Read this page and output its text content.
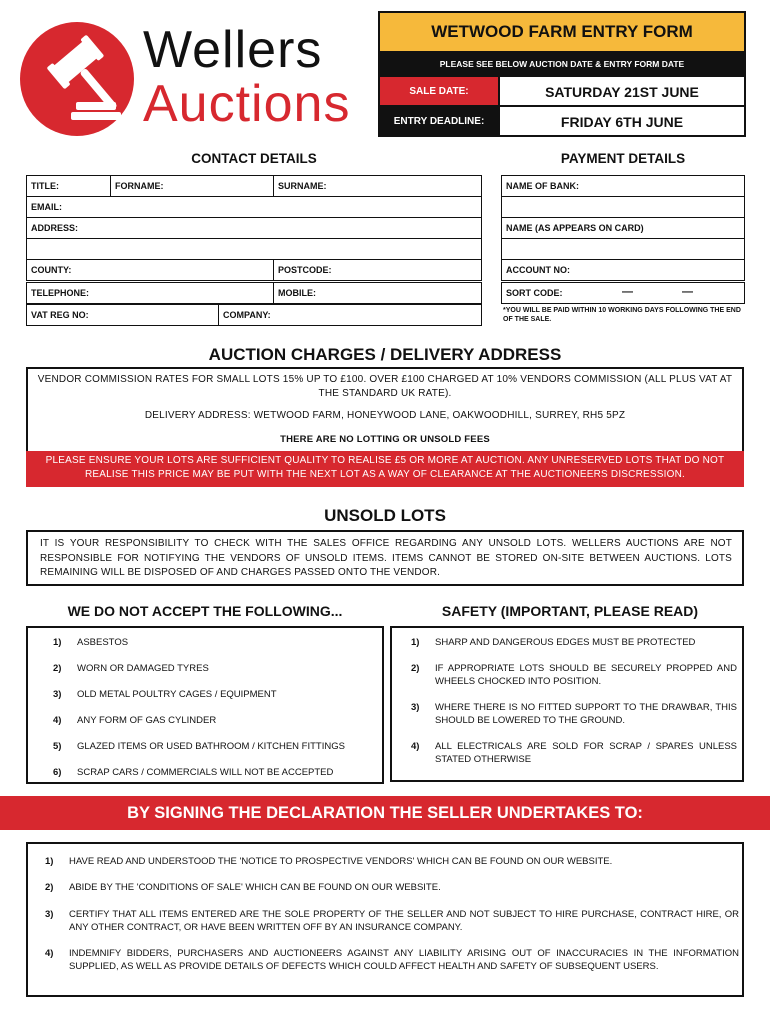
Wellers
Auctions
WETWOOD FARM ENTRY FORM
PLEASE SEE BELOW AUCTION DATE & ENTRY FORM DATE
SALE DATE:	SATURDAY 21ST JUNE
ENTRY DEADLINE:	FRIDAY 6TH JUNE
CONTACT DETAILS
TITLE:	FORNAME:	SURNAME:
EMAIL:
ADDRESS:
COUNTY:	POSTCODE:
TELEPHONE:	MOBILE:
VAT REG NO:	COMPANY:
PAYMENT DETAILS
NAME OF BANK:
NAME (AS APPEARS ON CARD)
ACCOUNT NO:
SORT CODE:	—	—
*YOU WILL BE PAID WITHIN 10 WORKING DAYS FOLLOWING THE END OF THE SALE.
AUCTION CHARGES / DELIVERY ADDRESS
VENDOR COMMISSION RATES FOR SMALL LOTS 15% UP TO £100. OVER £100 CHARGED AT 10% VENDORS COMMISSION (ALL PLUS VAT AT THE STANDARD UK RATE).
DELIVERY ADDRESS: WETWOOD FARM, HONEYWOOD LANE, OAKWOODHILL, SURREY, RH5 5PZ
THERE ARE NO LOTTING OR UNSOLD FEES
PLEASE ENSURE YOUR LOTS ARE SUFFICIENT QUALITY TO REALISE £5 OR MORE AT AUCTION. ANY UNRESERVED LOTS THAT DO NOT REALISE THIS PRICE MAY BE PUT WITH THE NEXT LOT AS A WAY OF CLEARANCE AT THE AUCTIONEERS DISCRESSION.
UNSOLD LOTS
IT IS YOUR RESPONSIBILITY TO CHECK WITH THE SALES OFFICE REGARDING ANY UNSOLD LOTS. WELLERS AUCTIONS ARE NOT RESPONSIBLE FOR NOTIFYING THE VENDORS OF UNSOLD ITEMS. ITEMS CANNOT BE STORED ON-SITE BETWEEN AUCTIONS. LOTS REMAINING WILL BE DISPOSED OF AND CHARGES PASSED ONTO THE VENDOR.
WE DO NOT ACCEPT THE FOLLOWING...
1) ASBESTOS
2) WORN OR DAMAGED TYRES
3) OLD METAL POULTRY CAGES / EQUIPMENT
4) ANY FORM OF GAS CYLINDER
5) GLAZED ITEMS OR USED BATHROOM / KITCHEN FITTINGS
6) SCRAP CARS / COMMERCIALS WILL NOT BE ACCEPTED
SAFETY (IMPORTANT, PLEASE READ)
1) SHARP AND DANGEROUS EDGES MUST BE PROTECTED
2) IF APPROPRIATE LOTS SHOULD BE SECURELY PROPPED AND WHEELS CHOCKED INTO POSITION.
3) WHERE THERE IS NO FITTED SUPPORT TO THE DRAWBAR, THIS SHOULD BE LOWERED TO THE GROUND.
4) ALL ELECTRICALS ARE SOLD FOR SCRAP / SPARES UNLESS STATED OTHERWISE
BY SIGNING THE DECLARATION THE SELLER UNDERTAKES TO:
1) HAVE READ AND UNDERSTOOD THE 'NOTICE TO PROSPECTIVE VENDORS' WHICH CAN BE FOUND ON OUR WEBSITE.
2) ABIDE BY THE 'CONDITIONS OF SALE' WHICH CAN BE FOUND ON OUR WEBSITE.
3) CERTIFY THAT ALL ITEMS ENTERED ARE THE SOLE PROPERTY OF THE SELLER AND NOT SUBJECT TO HIRE PURCHASE, CONTRACT HIRE, OR ANY OTHER CONTRACT, OR HAVE BEEN WRITTEN OFF BY AN INSURANCE COMPANY.
4) INDEMNIFY BIDDERS, PURCHASERS AND AUCTIONEERS AGAINST ANY LIABILITY ARISING OUT OF INACCURACIES IN THE INFORMATION SUPPLIED, AS WELL AS PROVIDE DETAILS OF DEFECTS WHICH COULD AFFECT HEALTH AND SAFETY OF SUBSEQUENT USERS.
